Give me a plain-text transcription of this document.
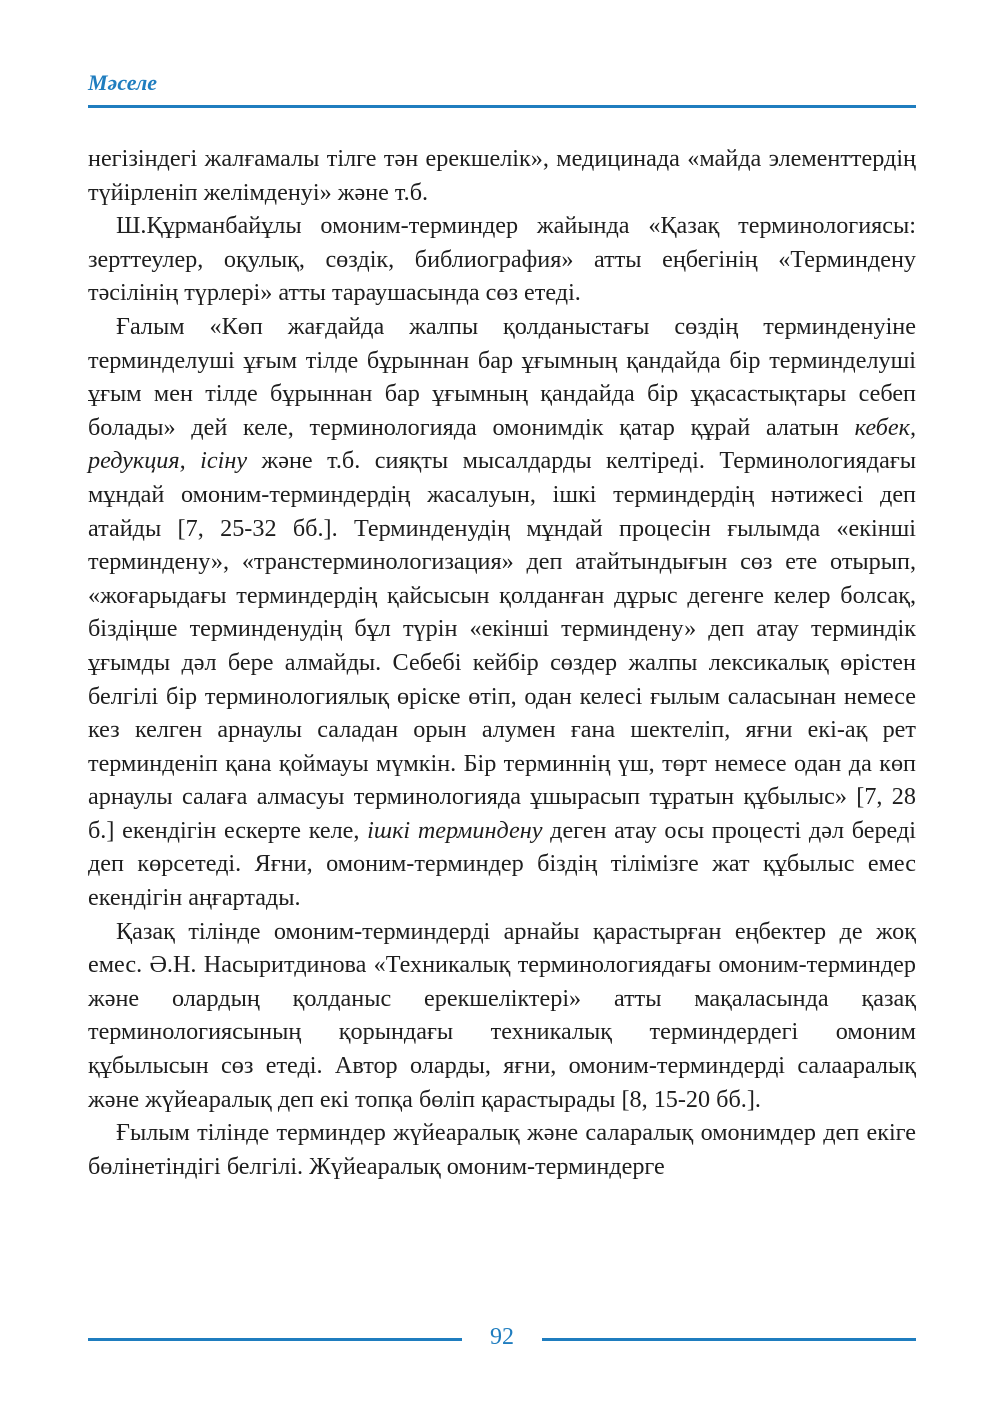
Мәселе

негізіндегі жалғамалы тілге тән ерекшелік», медицинада «майда элементтердің түйірленіп желімденуі» және т.б.

Ш.Құрманбайұлы омоним-терминдер жайында «Қазақ терминологиясы: зерттеулер, оқулық, сөздік, библиография» атты еңбегінің «Терминдену тәсілінің түрлері» атты тараушасында сөз етеді.

Ғалым «Көп жағдайда жалпы қолданыстағы сөздің терминденуіне терминделуші ұғым тілде бұрыннан бар ұғымның қандайда бір терминделуші ұғым мен тілде бұрыннан бар ұғымның қандайда бір ұқасастықтары себеп болады» дей келе, терминологияда омонимдік қатар құрай алатын кебек, редукция, ісіну және т.б. сияқты мысалдарды келтіреді. Терминологиядағы мұндай омоним-терминдердің жасалуын, ішкі терминдердің нәтижесі деп атайды [7, 25-32 бб.]. Терминденудің мұндай процесін ғылымда «екінші терминдену», «транстерминологизация» деп атайтындығын сөз ете отырып, «жоғарыдағы терминдердің қайсысын қолданған дұрыс дегенге келер болсақ, біздіңше терминденудің бұл түрін «екінші терминдену» деп атау терминдік ұғымды дәл бере алмайды. Себебі кейбір сөздер жалпы лексикалық өрістен белгілі бір терминологиялық өріске өтіп, одан келесі ғылым саласынан немесе кез келген арнаулы саладан орын алумен ғана шектеліп, яғни екі-ақ рет терминденіп қана қоймауы мүмкін. Бір терминнің үш, төрт немесе одан да көп арнаулы салаға алмасуы терминологияда ұшырасып тұратын құбылыс» [7, 28 б.] екендігін ескерте келе, ішкі терминдену деген атау осы процесті дәл береді деп көрсетеді. Яғни, омоним-терминдер біздің тілімізге жат құбылыс емес екендігін аңғартады.

Қазақ тілінде омоним-терминдерді арнайы қарастырған еңбектер де жоқ емес. Ә.Н. Насыритдинова «Техникалық терминологиядағы омоним-терминдер және олардың қолданыс ерекшеліктері» атты мақаласында қазақ терминологиясының қорындағы техникалық терминдердегі омоним құбылысын сөз етеді. Автор оларды, яғни, омоним-терминдерді салааралық және жүйеаралық деп екі топқа бөліп қарастырады [8, 15-20 бб.].

Ғылым тілінде терминдер жүйеаралық және саларалық омонимдер деп екіге бөлінетіндігі белгілі. Жүйеаралық омоним-терминдерге

92
